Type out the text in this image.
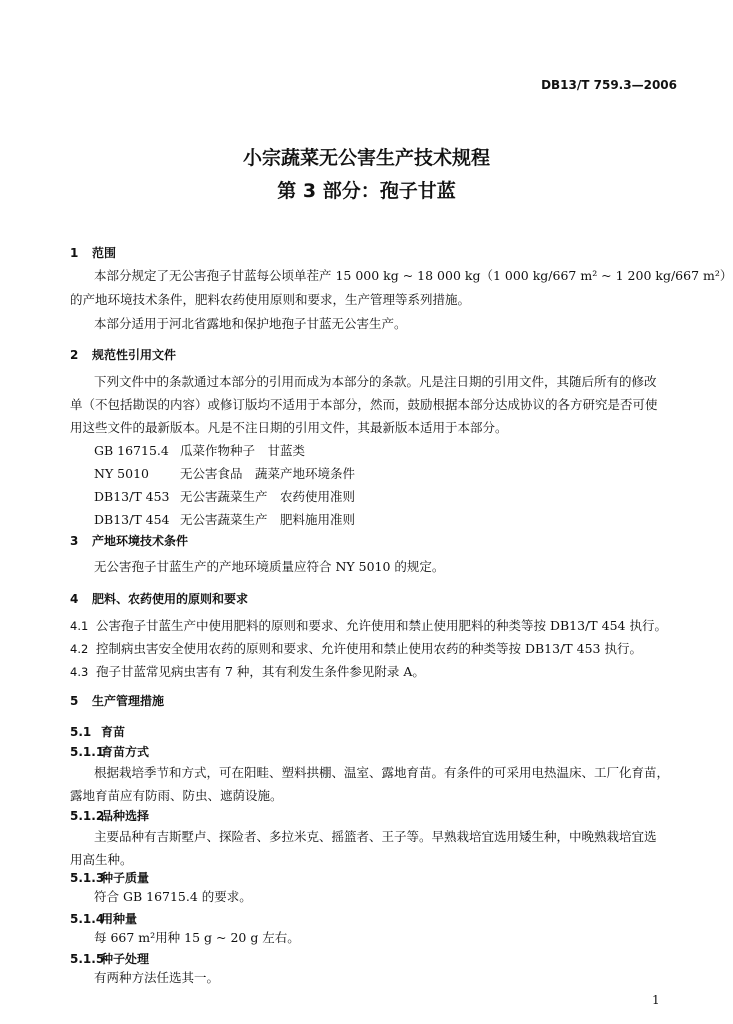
DB13/T 759.3—2006
小宗蔬菜无公害生产技术规程
第 3 部分：孢子甘蓝
1 范围
本部分规定了无公害孢子甘蓝每公顷单茬产 15 000 kg ~ 18 000 kg（1 000 kg/667 m² ~ 1 200 kg/667 m²）
的产地环境技术条件，肥料农药使用原则和要求，生产管理等系列措施。
本部分适用于河北省露地和保护地孢子甘蓝无公害生产。
2 规范性引用文件
下列文件中的条款通过本部分的引用而成为本部分的条款。凡是注日期的引用文件，其随后所有的修改
单（不包括勘误的内容）或修订版均不适用于本部分，然而，鼓励根据本部分达成协议的各方研究是否可使
用这些文件的最新版本。凡是不注日期的引用文件，其最新版本适用于本部分。
GB 16715.4 瓜菜作物种子　甘蓝类
NY 5010 无公害食品　蔬菜产地环境条件
DB13/T 453 无公害蔬菜生产　农药使用准则
DB13/T 454 无公害蔬菜生产　肥料施用准则
3 产地环境技术条件
无公害孢子甘蓝生产的产地环境质量应符合 NY 5010 的规定。
4 肥料、农药使用的原则和要求
4.1 公害孢子甘蓝生产中使用肥料的原则和要求、允许使用和禁止使用肥料的种类等按 DB13/T 454 执行。
4.2 控制病虫害安全使用农药的原则和要求、允许使用和禁止使用农药的种类等按 DB13/T 453 执行。
4.3 孢子甘蓝常见病虫害有 7 种，其有利发生条件参见附录 A。
5 生产管理措施
5.1 育苗
5.1.1育苗方式
根据栽培季节和方式，可在阳畦、塑料拱棚、温室、露地育苗。有条件的可采用电热温床、工厂化育苗，
露地育苗应有防雨、防虫、遮荫设施。
5.1.2品种选择
主要品种有吉斯墅卢、探险者、多拉米克、摇篮者、王子等。早熟栽培宜选用矮生种，中晚熟栽培宜选
用高生种。
5.1.3种子质量
符合 GB 16715.4 的要求。
5.1.4用种量
每 667 m²用种 15 g ~ 20 g 左右。
5.1.5种子处理
有两种方法任选其一。
1
